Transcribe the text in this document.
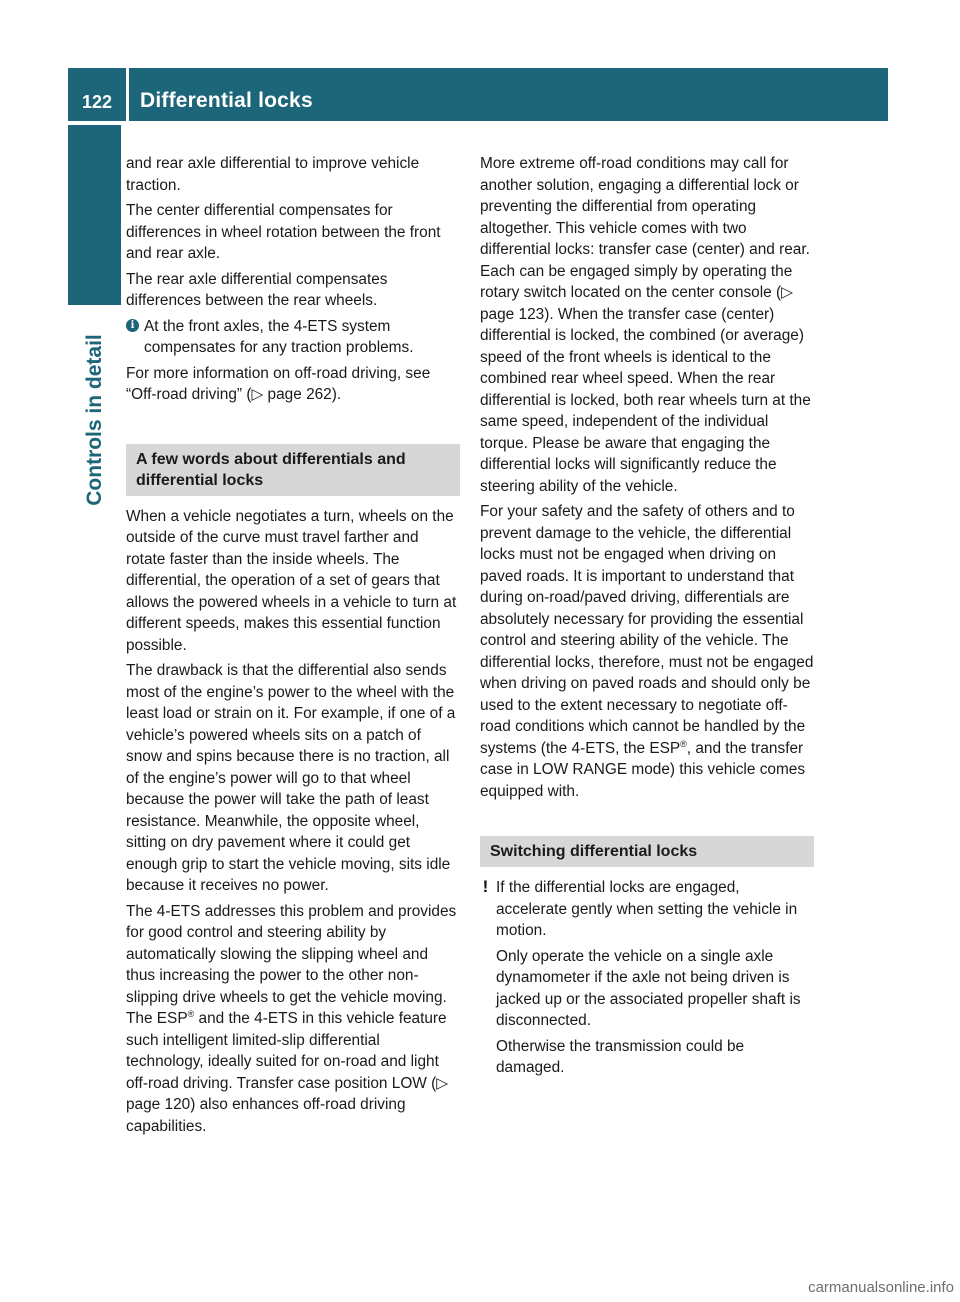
122	Differential locks
Controls in detail

and rear axle differential to improve vehicle traction.

The center differential compensates for differences in wheel rotation between the front and rear axle.

The rear axle differential compensates differences between the rear wheels.

i At the front axles, the 4-ETS system compensates for any traction problems.

For more information on off-road driving, see “Off-road driving” (▷ page 262).

A few words about differentials and differential locks

When a vehicle negotiates a turn, wheels on the outside of the curve must travel farther and rotate faster than the inside wheels. The differential, the operation of a set of gears that allows the powered wheels in a vehicle to turn at different speeds, makes this essential function possible.

The drawback is that the differential also sends most of the engine’s power to the wheel with the least load or strain on it. For example, if one of a vehicle’s powered wheels sits on a patch of snow and spins because there is no traction, all of the engine’s power will go to that wheel because the power will take the path of least resistance. Meanwhile, the opposite wheel, sitting on dry pavement where it could get enough grip to start the vehicle moving, sits idle because it receives no power.

The 4-ETS addresses this problem and provides for good control and steering ability by automatically slowing the slipping wheel and thus increasing the power to the other non-slipping drive wheels to get the vehicle moving. The ESP® and the 4-ETS in this vehicle feature such intelligent limited-slip differential technology, ideally suited for on-road and light off-road driving. Transfer case position LOW (▷ page 120) also enhances off-road driving capabilities.

More extreme off-road conditions may call for another solution, engaging a differential lock or preventing the differential from operating altogether. This vehicle comes with two differential locks: transfer case (center) and rear. Each can be engaged simply by operating the rotary switch located on the center console (▷ page 123). When the transfer case (center) differential is locked, the combined (or average) speed of the front wheels is identical to the combined rear wheel speed. When the rear differential is locked, both rear wheels turn at the same speed, independent of the individual torque. Please be aware that engaging the differential locks will significantly reduce the steering ability of the vehicle.

For your safety and the safety of others and to prevent damage to the vehicle, the differential locks must not be engaged when driving on paved roads. It is important to understand that during on-road/paved driving, differentials are absolutely necessary for providing the essential control and steering ability of the vehicle. The differential locks, therefore, must not be engaged when driving on paved roads and should only be used to the extent necessary to negotiate off-road conditions which cannot be handled by the systems (the 4-ETS, the ESP®, and the transfer case in LOW RANGE mode) this vehicle comes equipped with.

Switching differential locks
! If the differential locks are engaged, accelerate gently when setting the vehicle in motion.

Only operate the vehicle on a single axle dynamometer if the axle not being driven is jacked up or the associated propeller shaft is disconnected.

Otherwise the transmission could be damaged.

carmanualsonline.info
